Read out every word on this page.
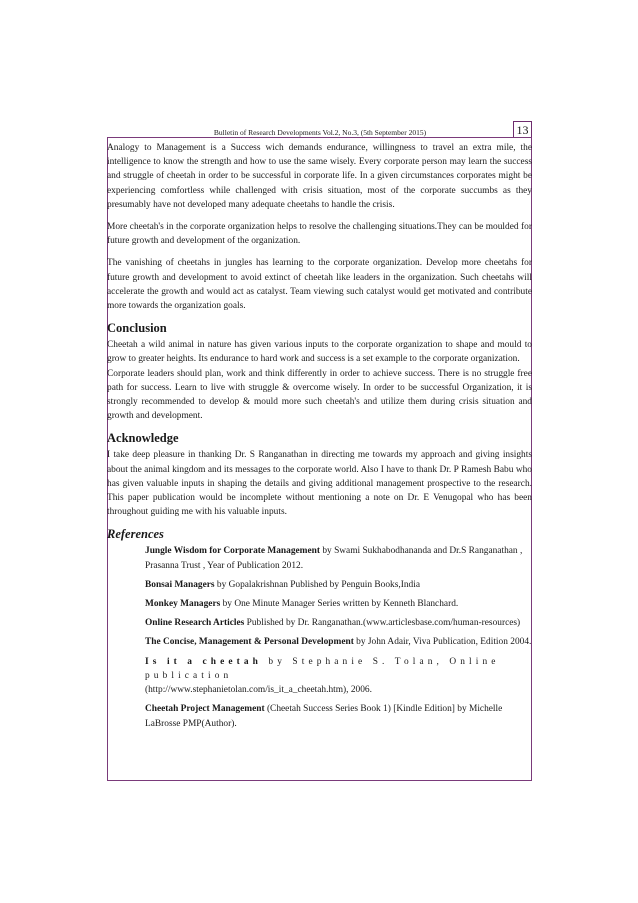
Bulletin of Research Developments Vol.2, No.3, (5th September 2015)	13

Analogy to Management is a Success wich demands endurance, willingness to travel an extra mile, the intelligence to know the strength and how to use the same wisely. Every corporate person may learn the success and struggle of cheetah in order to be successful in corporate life. In a given circumstances corporates might be experiencing comfortless while challenged with crisis situation, most of the corporate succumbs as they presumably have not developed many adequate cheetahs to handle the crisis.

More cheetah's in the corporate organization helps to resolve the challenging situations.They can be moulded for future growth and development of the organization.

The vanishing of cheetahs in jungles has learning to the corporate organization. Develop more cheetahs for future growth and development to avoid extinct of cheetah like leaders in the organization. Such cheetahs will accelerate the growth and would act as catalyst. Team viewing such catalyst would get motivated and contribute more towards the organization goals.

Conclusion

Cheetah a wild animal in nature has given various inputs to the corporate organization to shape and mould to grow to greater heights. Its endurance to hard work and success is a set example to the corporate organization.

Corporate leaders should plan, work and think differently in order to achieve success. There is no struggle free path for success. Learn to live with struggle & overcome wisely. In order to be successful Organization, it is strongly recommended to develop & mould more such cheetah's and utilize them during crisis situation and growth and development.

Acknowledge

I take deep pleasure in thanking Dr. S Ranganathan in directing me towards my approach and giving insights about the animal kingdom and its messages to the corporate world. Also I have to thank Dr. P Ramesh Babu who has given valuable inputs in shaping the details and giving additional management prospective to the research. This paper publication would be incomplete without mentioning a note on Dr. E Venugopal who has been throughout guiding me with his valuable inputs.

References

Jungle Wisdom for Corporate Management by Swami Sukhabodhananda and Dr.S Ranganathan , Prasanna Trust , Year of Publication 2012.

Bonsai Managers by Gopalakrishnan Published by Penguin Books,India

Monkey Managers by One Minute Manager Series written by Kenneth Blanchard.

Online Research Articles Published by Dr. Ranganathan.(www.articlesbase.com/human-resources)

The Concise, Management & Personal Development by John Adair, Viva Publication, Edition 2004.

Is it a cheetah by Stephanie S. Tolan, Online publication
(http://www.stephanietolan.com/is_it_a_cheetah.htm), 2006.

Cheetah Project Management (Cheetah Success Series Book 1) [Kindle Edition] by Michelle LaBrosse PMP(Author).
